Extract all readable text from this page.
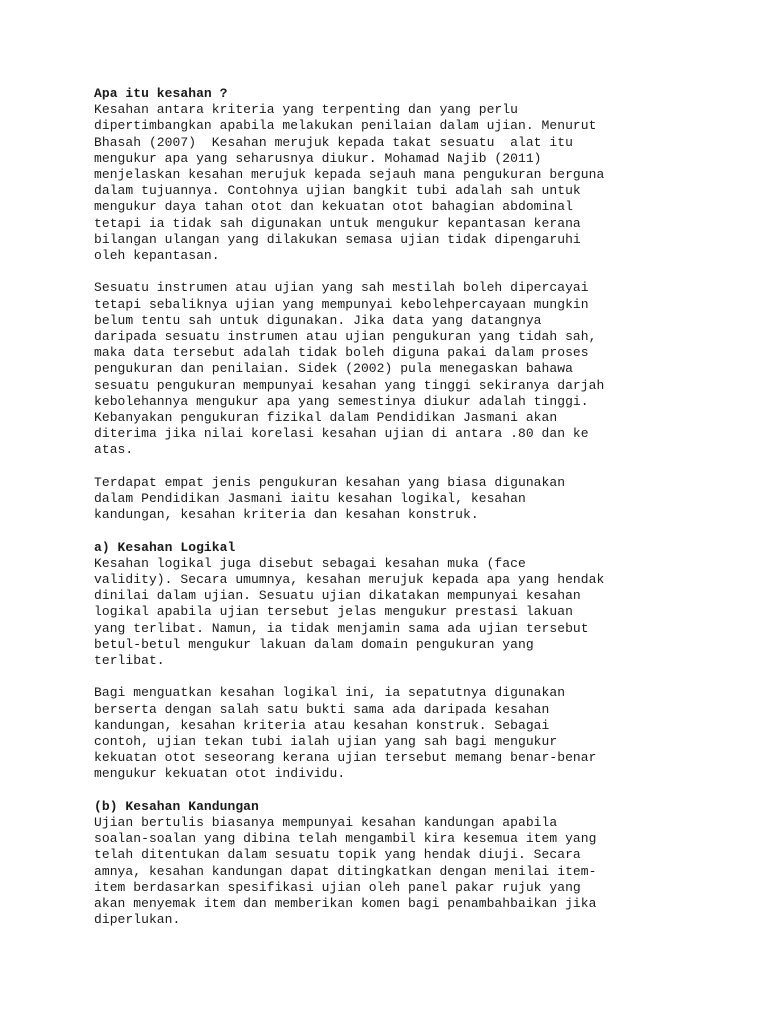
Apa itu kesahan ?
Kesahan antara kriteria yang terpenting dan yang perlu
dipertimbangkan apabila melakukan penilaian dalam ujian. Menurut
Bhasah (2007)  Kesahan merujuk kepada takat sesuatu  alat itu
mengukur apa yang seharusnya diukur. Mohamad Najib (2011)
menjelaskan kesahan merujuk kepada sejauh mana pengukuran berguna
dalam tujuannya. Contohnya ujian bangkit tubi adalah sah untuk
mengukur daya tahan otot dan kekuatan otot bahagian abdominal
tetapi ia tidak sah digunakan untuk mengukur kepantasan kerana
bilangan ulangan yang dilakukan semasa ujian tidak dipengaruhi
oleh kepantasan.
Sesuatu instrumen atau ujian yang sah mestilah boleh dipercayai
tetapi sebaliknya ujian yang mempunyai kebolehpercayaan mungkin
belum tentu sah untuk digunakan. Jika data yang datangnya
daripada sesuatu instrumen atau ujian pengukuran yang tidah sah,
maka data tersebut adalah tidak boleh diguna pakai dalam proses
pengukuran dan penilaian. Sidek (2002) pula menegaskan bahawa
sesuatu pengukuran mempunyai kesahan yang tinggi sekiranya darjah
kebolehannya mengukur apa yang semestinya diukur adalah tinggi.
Kebanyakan pengukuran fizikal dalam Pendidikan Jasmani akan
diterima jika nilai korelasi kesahan ujian di antara .80 dan ke
atas.
Terdapat empat jenis pengukuran kesahan yang biasa digunakan
dalam Pendidikan Jasmani iaitu kesahan logikal, kesahan
kandungan, kesahan kriteria dan kesahan konstruk.
a) Kesahan Logikal
Kesahan logikal juga disebut sebagai kesahan muka (face
validity). Secara umumnya, kesahan merujuk kepada apa yang hendak
dinilai dalam ujian. Sesuatu ujian dikatakan mempunyai kesahan
logikal apabila ujian tersebut jelas mengukur prestasi lakuan
yang terlibat. Namun, ia tidak menjamin sama ada ujian tersebut
betul-betul mengukur lakuan dalam domain pengukuran yang
terlibat.
Bagi menguatkan kesahan logikal ini, ia sepatutnya digunakan
berserta dengan salah satu bukti sama ada daripada kesahan
kandungan, kesahan kriteria atau kesahan konstruk. Sebagai
contoh, ujian tekan tubi ialah ujian yang sah bagi mengukur
kekuatan otot seseorang kerana ujian tersebut memang benar-benar
mengukur kekuatan otot individu.
(b) Kesahan Kandungan
Ujian bertulis biasanya mempunyai kesahan kandungan apabila
soalan-soalan yang dibina telah mengambil kira kesemua item yang
telah ditentukan dalam sesuatu topik yang hendak diuji. Secara
amnya, kesahan kandungan dapat ditingkatkan dengan menilai item-
item berdasarkan spesifikasi ujian oleh panel pakar rujuk yang
akan menyemak item dan memberikan komen bagi penambahbaikan jika
diperlukan.
